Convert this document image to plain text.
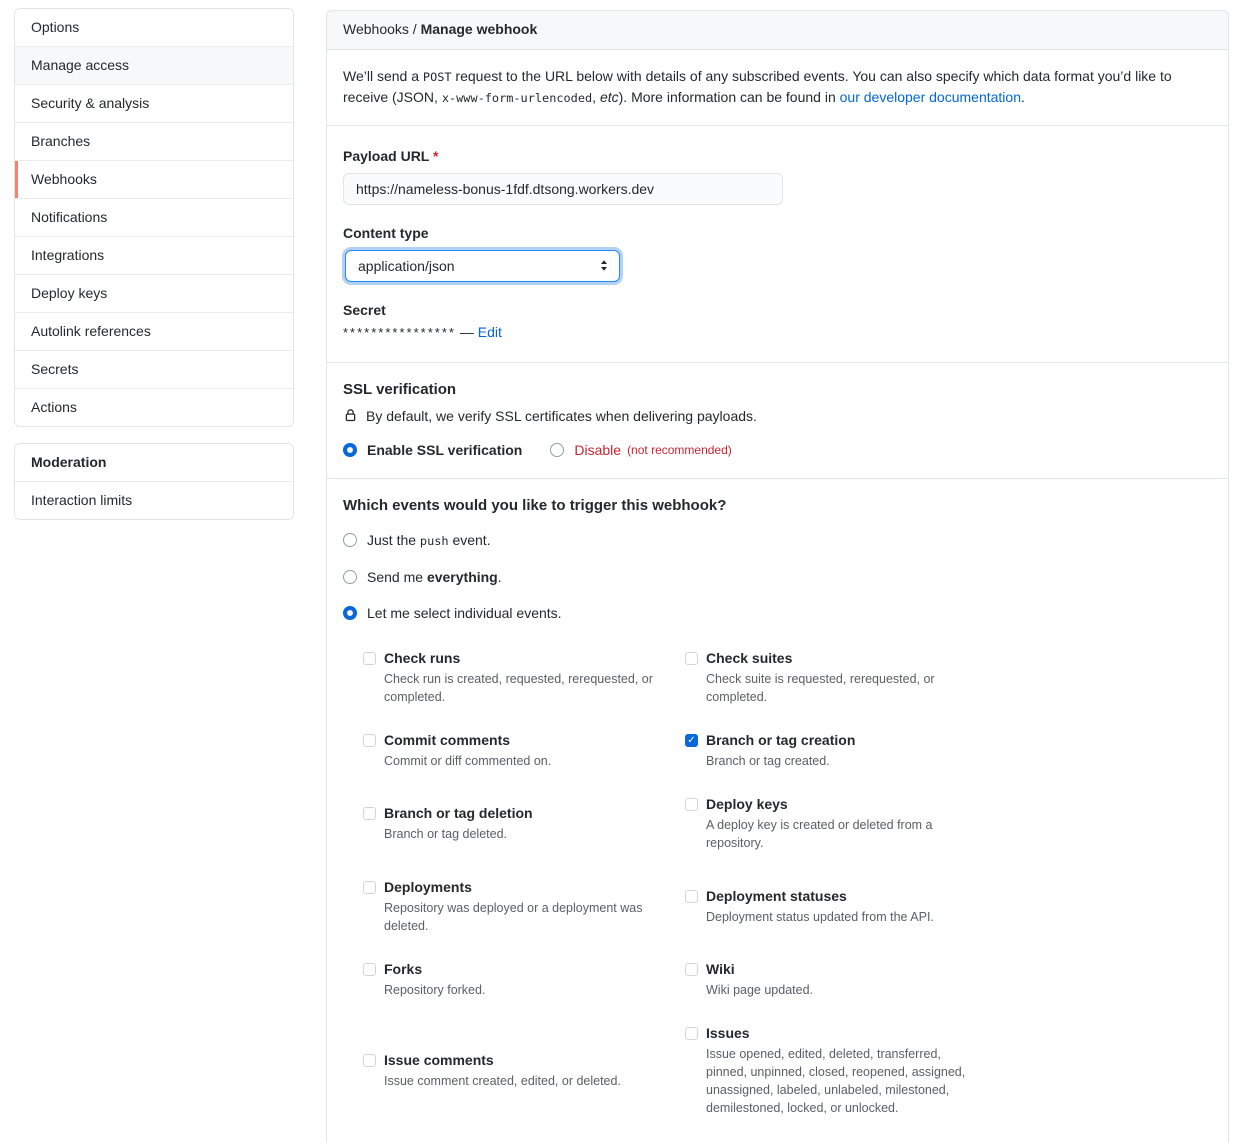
Options
Manage access
Security & analysis
Branches
Webhooks
Notifications
Integrations
Deploy keys
Autolink references
Secrets
Actions
Moderation
Interaction limits
Webhooks / Manage webhook
We’ll send a POST request to the URL below with details of any subscribed events. You can also specify which data format you’d like to receive (JSON, x-www-form-urlencoded, etc). More information can be found in our developer documentation.
Payload URL *
https://nameless-bonus-1fdf.dtsong.workers.dev
Content type
application/json
Secret
**************** — Edit
SSL verification
By default, we verify SSL certificates when delivering payloads.
Enable SSL verification	Disable (not recommended)
Which events would you like to trigger this webhook?
Just the push event.
Send me everything.
Let me select individual events.
Check runs
Check run is created, requested, rerequested, or completed.
Check suites
Check suite is requested, rerequested, or completed.
Commit comments
Commit or diff commented on.
✓ Branch or tag creation
Branch or tag created.
Branch or tag deletion
Branch or tag deleted.
Deploy keys
A deploy key is created or deleted from a repository.
Deployments
Repository was deployed or a deployment was deleted.
Deployment statuses
Deployment status updated from the API.
Forks
Repository forked.
Wiki
Wiki page updated.
Issue comments
Issue comment created, edited, or deleted.
Issues
Issue opened, edited, deleted, transferred, pinned, unpinned, closed, reopened, assigned, unassigned, labeled, unlabeled, milestoned, demilestoned, locked, or unlocked.
